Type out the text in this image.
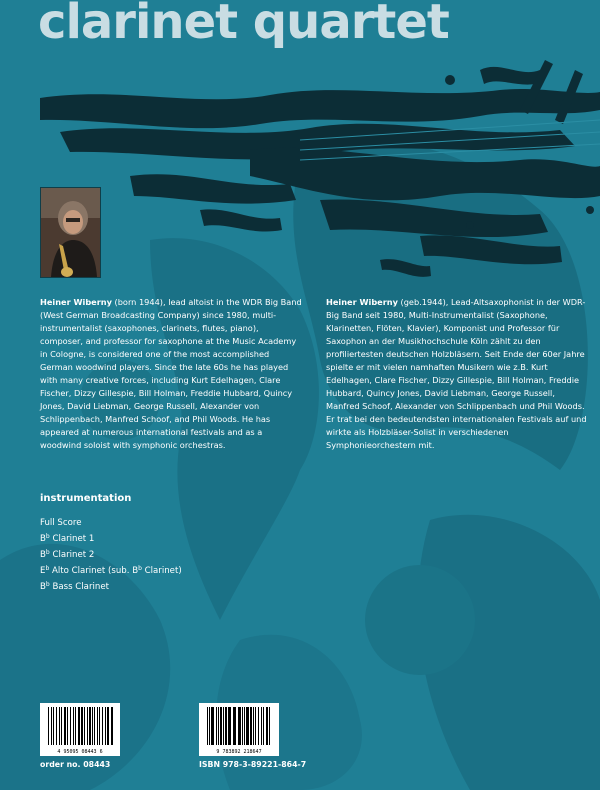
clarinet quartet

Heiner Wiberny (born 1944), lead altoist in the WDR Big Band (West German Broadcasting Company) since 1980, multi-instrumentalist (saxophones, clarinets, flutes, piano), composer, and professor for saxophone at the Music Academy in Cologne, is considered one of the most accomplished German woodwind players. Since the late 60s he has played with many creative forces, including Kurt Edelhagen, Clare Fischer, Dizzy Gillespie, Bill Holman, Freddie Hubbard, Quincy Jones, David Liebman, George Russell, Alexander von Schlippenbach, Manfred Schoof, and Phil Woods. He has appeared at numerous international festivals and as a woodwind soloist with symphonic orchestras.

Heiner Wiberny (geb.1944), Lead-Altsaxophonist in der WDR-Big Band seit 1980, Multi-Instrumentalist (Saxophone, Klarinetten, Flöten, Klavier), Komponist und Professor für Saxophon an der Musikhochschule Köln zählt zu den profiliertesten deutschen Holzbläsern. Seit Ende der 60er Jahre spielte er mit vielen namhaften Musikern wie z.B. Kurt Edelhagen, Clare Fischer, Dizzy Gillespie, Bill Holman, Freddie Hubbard, Quincy Jones, David Liebman, George Russell, Manfred Schoof, Alexander von Schlippenbach und Phil Woods. Er trat bei den bedeutendsten internationalen Festivals auf und wirkte als Holzbläser-Solist in verschiedenen Symphonieorchestern mit.

instrumentation
Full Score
$B^b$ Clarinet 1
$B^b$ Clarinet 2
$E^b$ Alto Clarinet (sub. $B^b$ Clarinet)
$B^b$ Bass Clarinet
4 95095 08443 6

order no. 08443

9 783892 218647

ISBN 978-3-89221-864-7
